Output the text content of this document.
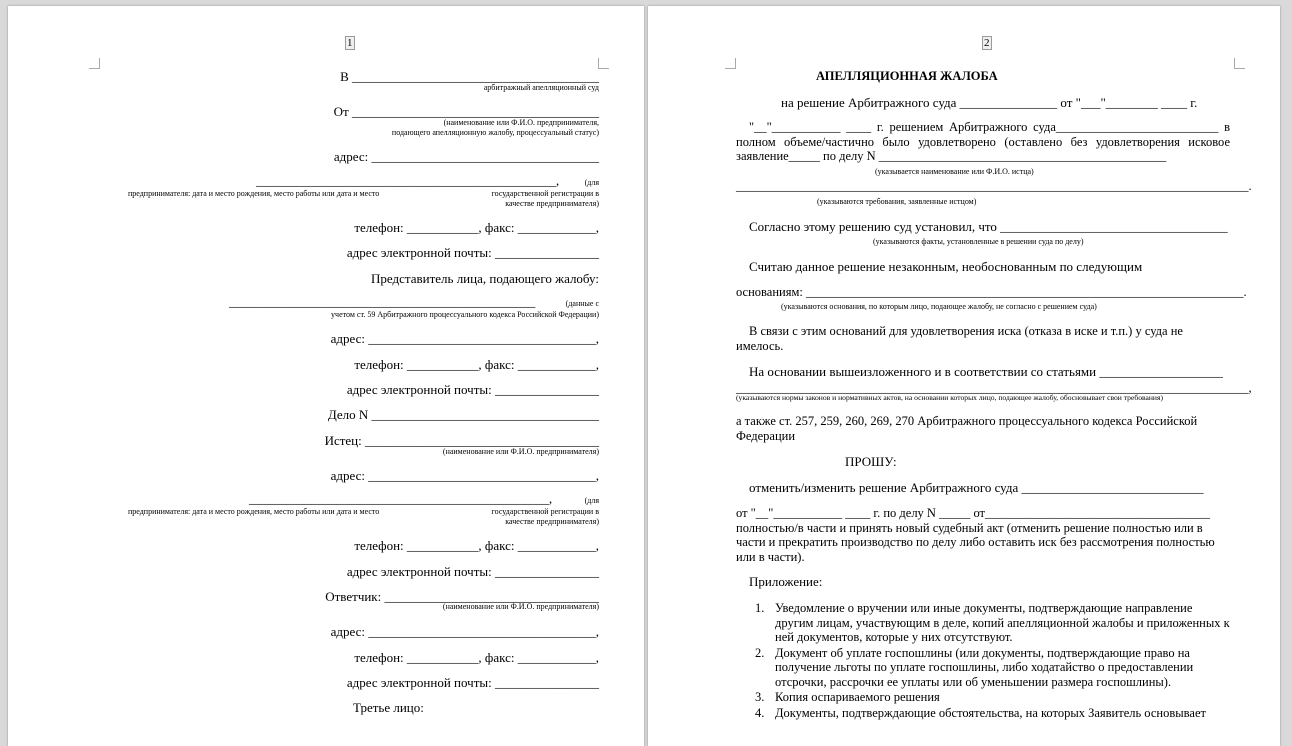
1
В ______________________________________
арбитражный апелляционный суд
От ______________________________________
(наименование или Ф.И.О. предпринимателя,
подающего апелляционную жалобу, процессуальный статус)
адрес: ___________________________________
________________________________________________,	(для
предпринимателя: дата и место рождения, место работы или дата и место	государственной регистрации в
качестве предпринимателя)
телефон: ___________, факс: ____________,
адрес электронной почты: ________________
Представитель лица, подающего жалобу:
_________________________________________________	(данные с
учетом ст. 59 Арбитражного процессуального кодекса Российской Федерации)
адрес: ___________________________________,
телефон: ___________, факс: ____________,
адрес электронной почты: ________________
Дело N ___________________________________
Истец: ____________________________________
(наименование или Ф.И.О. предпринимателя)
адрес: ___________________________________,
________________________________________________,	(для
предпринимателя: дата и место рождения, место работы или дата и место	государственной регистрации в
качестве предпринимателя)
телефон: ___________, факс: ____________,
адрес электронной почты: ________________
Ответчик: _________________________________
(наименование или Ф.И.О. предпринимателя)
адрес: ___________________________________,
телефон: ___________, факс: ____________,
адрес электронной почты: ________________
Третье лицо:
2
АПЕЛЛЯЦИОННАЯ ЖАЛОБА
на решение Арбитражного суда _______________ от "___"________ ____ г.
"__"___________ ____ г. решением Арбитражного суда__________________________ в полном объеме/частично было удовлетворено (оставлено без удовлетворения исковое заявление_____ по делу N ______________________________________________
(указывается наименование или Ф.И.О. истца)
__________________________________________________________________________________.
(указываются требования, заявленные истцом)
Согласно этому решению суд установил, что ___________________________________
(указываются факты, установленные в решении суда по делу)
Считаю данное решение незаконным, необоснованным по следующим
основаниям: ______________________________________________________________________.
(указываются основания, по которым лицо, подающее жалобу, не согласно с решением суда)
В связи с этим оснований для удовлетворения иска (отказа в иске и т.п.) у суда не имелось.
На основании вышеизложенного и в соответствии со статьями ___________________
__________________________________________________________________________________,
(указываются нормы законов и нормативных актов, на основании которых лицо, подающее жалобу, обосновывает свои требования)
а также ст. 257, 259, 260, 269, 270 Арбитражного процессуального кодекса Российской Федерации
ПРОШУ:
отменить/изменить решение Арбитражного суда ____________________________
от "__"___________ ____ г. по делу N _____ от____________________________________ полностью/в части и принять новый судебный акт (отменить решение полностью или в части и прекратить производство по делу либо оставить иск без рассмотрения полностью или в части).
Приложение:
1. Уведомление о вручении или иные документы, подтверждающие направление другим лицам, участвующим в деле, копий апелляционной жалобы и приложенных к ней документов, которые у них отсутствуют.
2. Документ об уплате госпошлины (или документы, подтверждающие право на получение льготы по уплате госпошлины, либо ходатайство о предоставлении отсрочки, рассрочки ее уплаты или об уменьшении размера госпошлины).
3. Копия оспариваемого решения
4. Документы, подтверждающие обстоятельства, на которых Заявитель основывает
